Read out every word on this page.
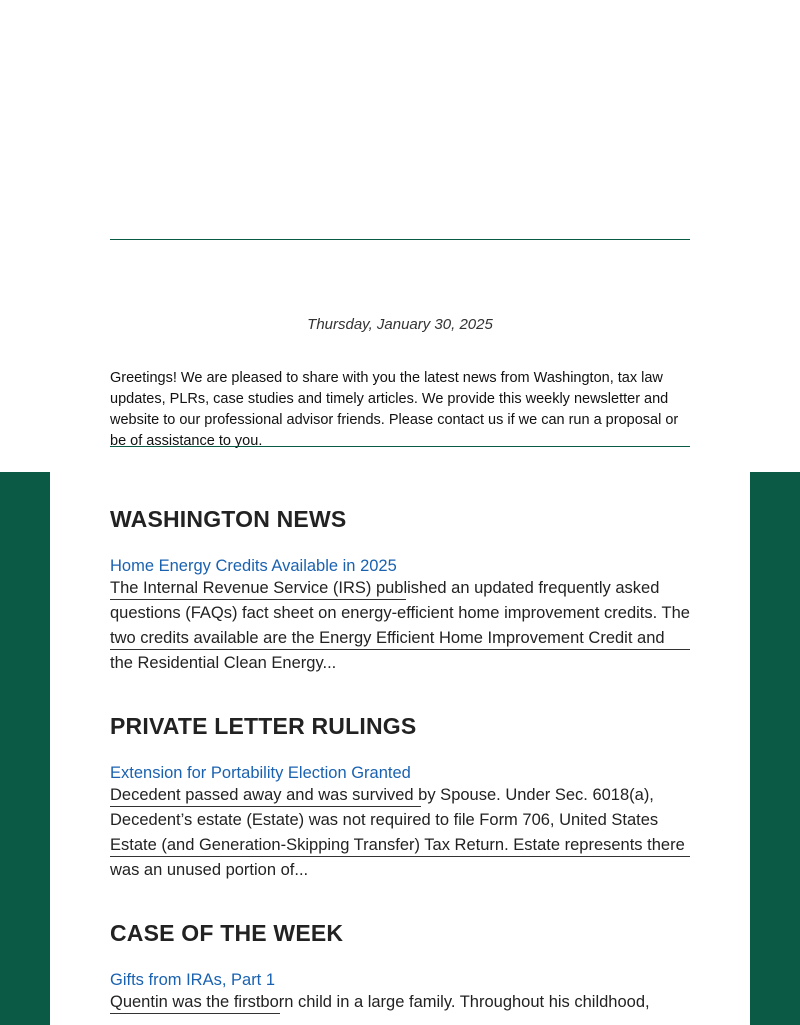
Thursday, January 30, 2025
Greetings! We are pleased to share with you the latest news from Washington, tax law updates, PLRs, case studies and timely articles. We provide this weekly newsletter and website to our professional advisor friends. Please contact us if we can run a proposal or be of assistance to you.
WASHINGTON NEWS
Home Energy Credits Available in 2025
The Internal Revenue Service (IRS) published an updated frequently asked questions (FAQs) fact sheet on energy-efficient home improvement credits. The two credits available are the Energy Efficient Home Improvement Credit and the Residential Clean Energy...
PRIVATE LETTER RULINGS
Extension for Portability Election Granted
Decedent passed away and was survived by Spouse. Under Sec. 6018(a), Decedent’s estate (Estate) was not required to file Form 706, United States Estate (and Generation-Skipping Transfer) Tax Return. Estate represents there was an unused portion of...
CASE OF THE WEEK
Gifts from IRAs, Part 1
Quentin was the firstborn child in a large family. Throughout his childhood,
